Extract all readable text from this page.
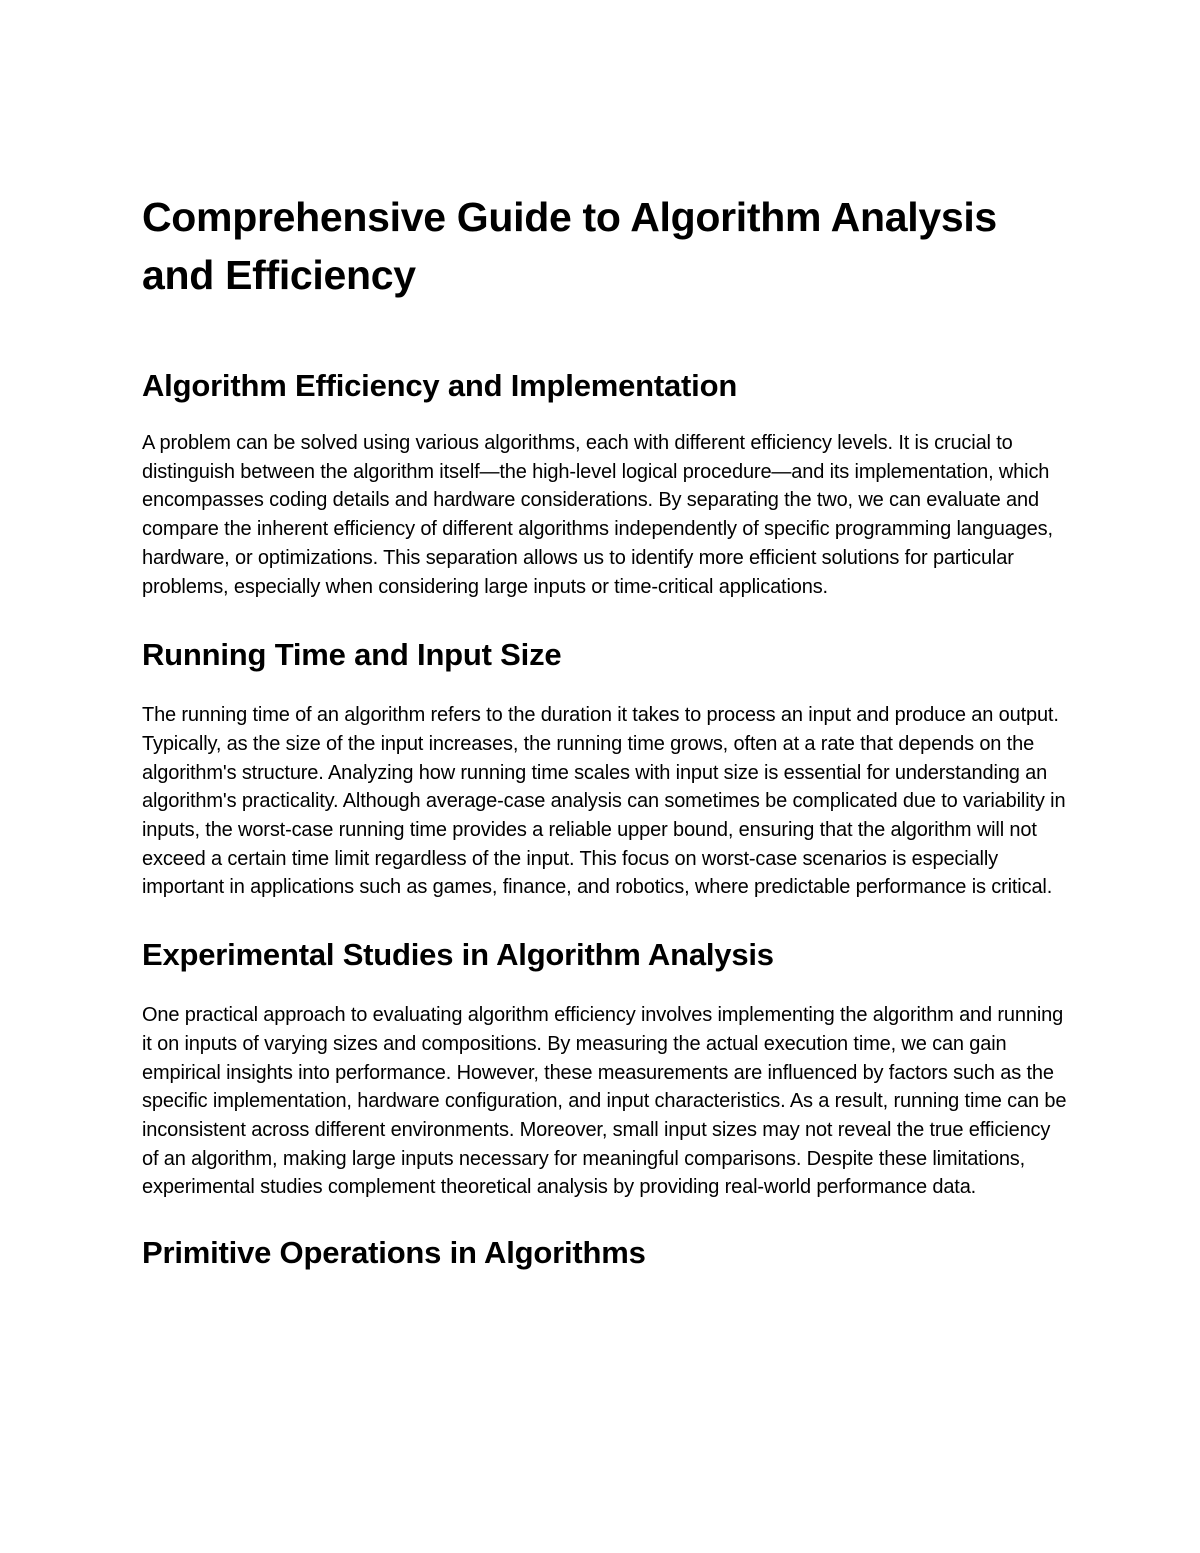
Comprehensive Guide to Algorithm Analysis and Efficiency
Algorithm Efficiency and Implementation

A problem can be solved using various algorithms, each with different efficiency levels. It is crucial to distinguish between the algorithm itself—the high-level logical procedure—and its implementation, which encompasses coding details and hardware considerations. By separating the two, we can evaluate and compare the inherent efficiency of different algorithms independently of specific programming languages, hardware, or optimizations. This separation allows us to identify more efficient solutions for particular problems, especially when considering large inputs or time-critical applications.

Running Time and Input Size

The running time of an algorithm refers to the duration it takes to process an input and produce an output. Typically, as the size of the input increases, the running time grows, often at a rate that depends on the algorithm's structure. Analyzing how running time scales with input size is essential for understanding an algorithm's practicality. Although average-case analysis can sometimes be complicated due to variability in inputs, the worst-case running time provides a reliable upper bound, ensuring that the algorithm will not exceed a certain time limit regardless of the input. This focus on worst-case scenarios is especially important in applications such as games, finance, and robotics, where predictable performance is critical.

Experimental Studies in Algorithm Analysis

One practical approach to evaluating algorithm efficiency involves implementing the algorithm and running it on inputs of varying sizes and compositions. By measuring the actual execution time, we can gain empirical insights into performance. However, these measurements are influenced by factors such as the specific implementation, hardware configuration, and input characteristics. As a result, running time can be inconsistent across different environments. Moreover, small input sizes may not reveal the true efficiency of an algorithm, making large inputs necessary for meaningful comparisons. Despite these limitations, experimental studies complement theoretical analysis by providing real-world performance data.

Primitive Operations in Algorithms
